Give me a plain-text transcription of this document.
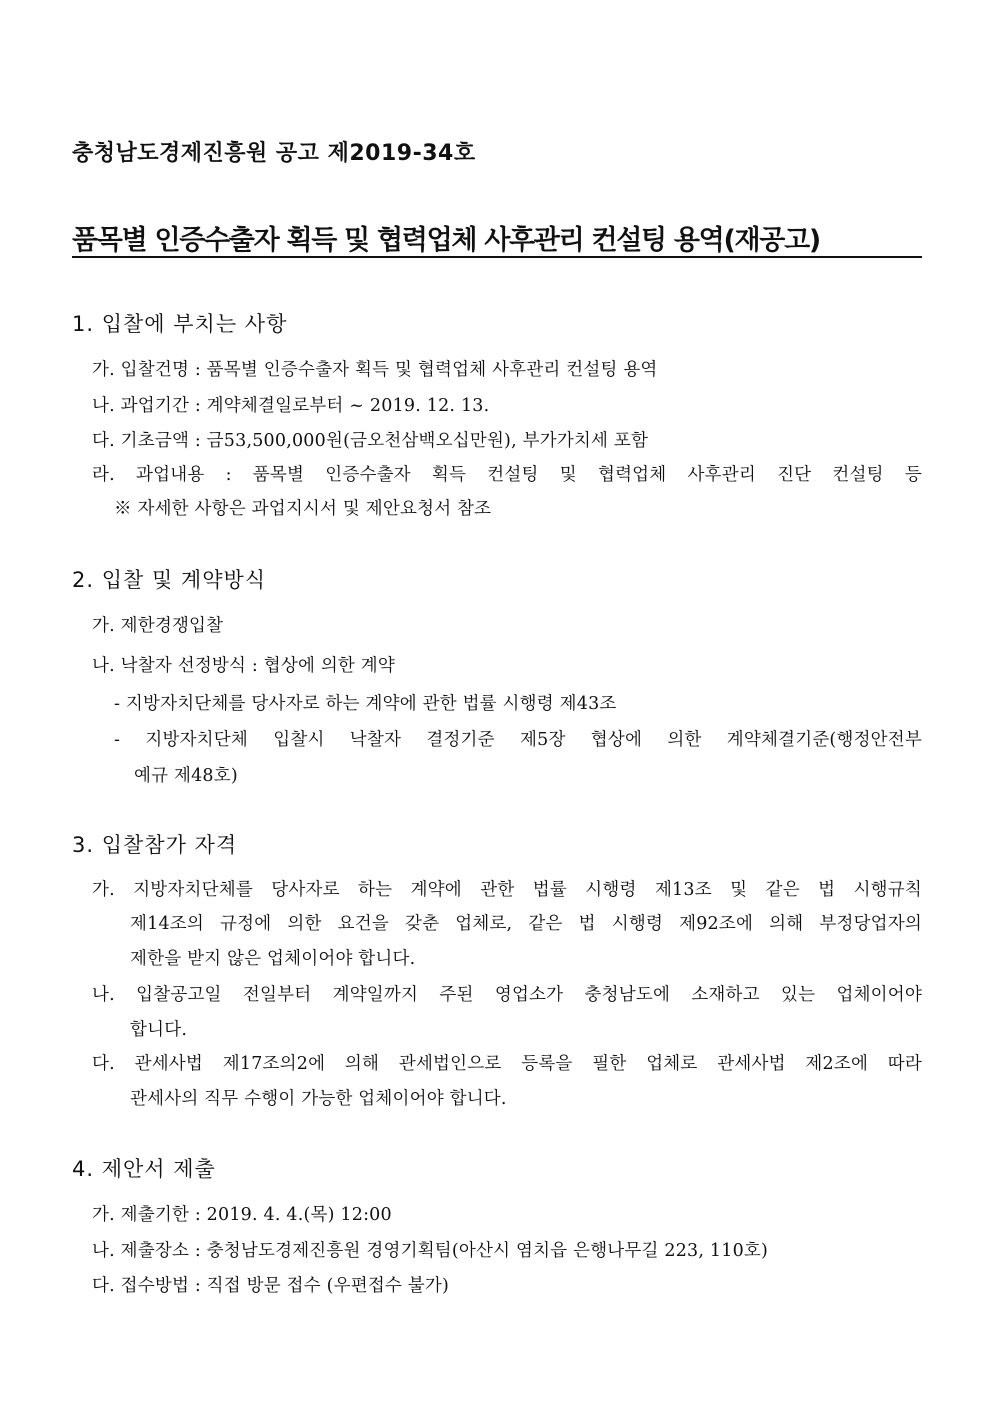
충청남도경제진흥원 공고 제2019-34호
품목별 인증수출자 획득 및 협력업체 사후관리 컨설팅 용역(재공고)
1. 입찰에 부치는 사항
가. 입찰건명 : 품목별 인증수출자 획득 및 협력업체 사후관리 컨설팅 용역
나. 과업기간 : 계약체결일로부터 ~ 2019. 12. 13.
다. 기초금액 : 금53,500,000원(금오천삼백오십만원), 부가가치세 포함
라. 과업내용 : 품목별 인증수출자 획득 컨설팅 및 협력업체 사후관리 진단 컨설팅 등
※ 자세한 사항은 과업지시서 및 제안요청서 참조
2. 입찰 및 계약방식
가. 제한경쟁입찰
나. 낙찰자 선정방식 : 협상에 의한 계약
- 지방자치단체를 당사자로 하는 계약에 관한 법률 시행령 제43조
- 지방자치단체 입찰시 낙찰자 결정기준 제5장 협상에 의한 계약체결기준(행정안전부
예규 제48호)
3. 입찰참가 자격
가. 지방자치단체를 당사자로 하는 계약에 관한 법률 시행령 제13조 및 같은 법 시행규칙
제14조의 규정에 의한 요건을 갖춘 업체로, 같은 법 시행령 제92조에 의해 부정당업자의
제한을 받지 않은 업체이어야 합니다.
나. 입찰공고일 전일부터 계약일까지 주된 영업소가 충청남도에 소재하고 있는 업체이어야
합니다.
다. 관세사법 제17조의2에 의해 관세법인으로 등록을 필한 업체로 관세사법 제2조에 따라
관세사의 직무 수행이 가능한 업체이어야 합니다.
4. 제안서 제출
가. 제출기한 : 2019. 4. 4.(목) 12:00
나. 제출장소 : 충청남도경제진흥원 경영기획팀(아산시 염치읍 은행나무길 223, 110호)
다. 접수방법 : 직접 방문 접수 (우편접수 불가)
